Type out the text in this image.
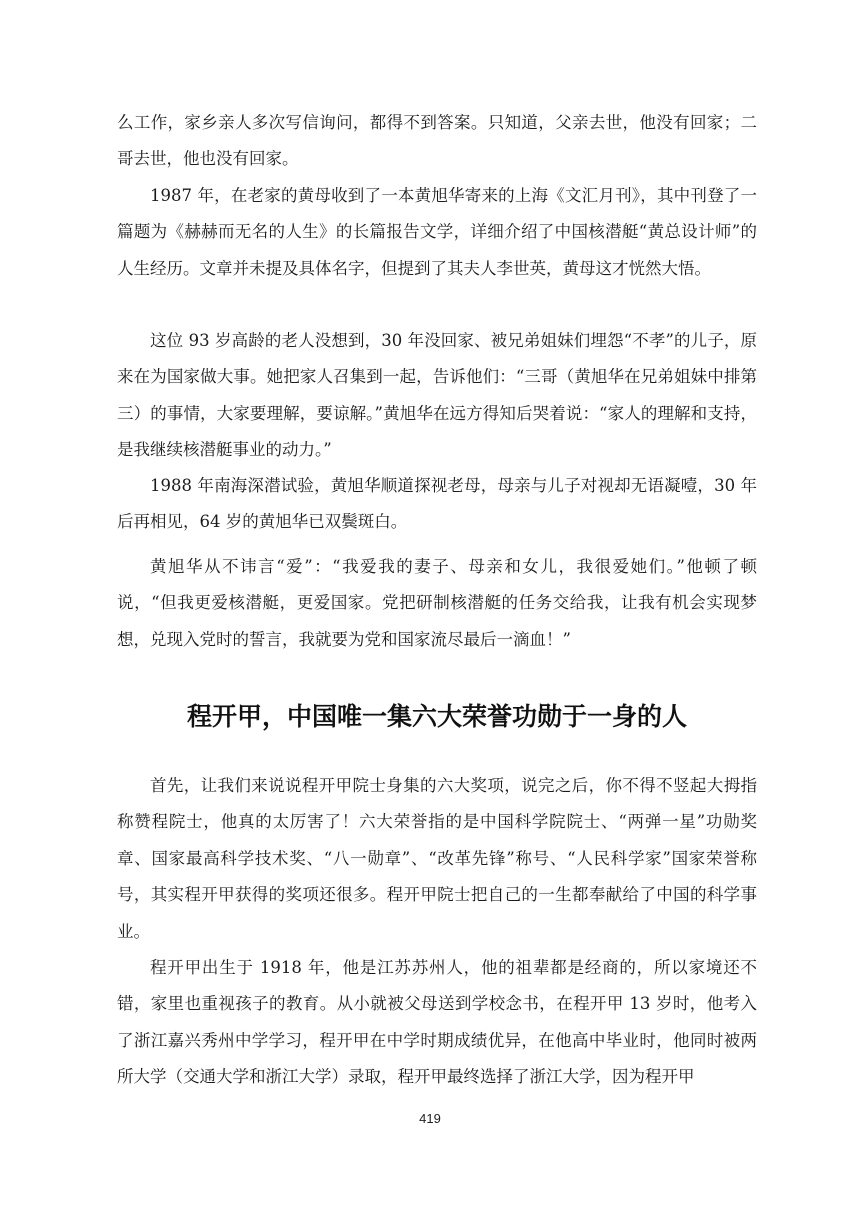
么工作，家乡亲人多次写信询问，都得不到答案。只知道，父亲去世，他没有回家；二哥去世，他也没有回家。

1987 年，在老家的黄母收到了一本黄旭华寄来的上海《文汇月刊》，其中刊登了一篇题为《赫赫而无名的人生》的长篇报告文学，详细介绍了中国核潜艇“黄总设计师”的人生经历。文章并未提及具体名字，但提到了其夫人李世英，黄母这才恍然大悟。

这位 93 岁高龄的老人没想到，30 年没回家、被兄弟姐妹们埋怨“不孝”的儿子，原来在为国家做大事。她把家人召集到一起，告诉他们：“三哥（黄旭华在兄弟姐妹中排第三）的事情，大家要理解，要谅解。”黄旭华在远方得知后哭着说：“家人的理解和支持，是我继续核潜艇事业的动力。”

1988 年南海深潜试验，黄旭华顺道探视老母，母亲与儿子对视却无语凝噎，30 年后再相见，64 岁的黄旭华已双鬓斑白。

黄旭华从不讳言“爱”：“我爱我的妻子、母亲和女儿，我很爱她们。”他顿了顿说，“但我更爱核潜艇，更爱国家。党把研制核潜艇的任务交给我，让我有机会实现梦想，兑现入党时的誓言，我就要为党和国家流尽最后一滴血！”

程开甲，中国唯一集六大荣誉功勋于一身的人

首先，让我们来说说程开甲院士身集的六大奖项，说完之后，你不得不竖起大拇指称赞程院士，他真的太厉害了！六大荣誉指的是中国科学院院士、“两弹一星”功勋奖章、国家最高科学技术奖、“八一勋章”、“改革先锋”称号、“人民科学家”国家荣誉称号，其实程开甲获得的奖项还很多。程开甲院士把自己的一生都奉献给了中国的科学事业。

程开甲出生于 1918 年，他是江苏苏州人，他的祖辈都是经商的，所以家境还不错，家里也重视孩子的教育。从小就被父母送到学校念书，在程开甲 13 岁时，他考入了浙江嘉兴秀州中学学习，程开甲在中学时期成绩优异，在他高中毕业时，他同时被两所大学（交通大学和浙江大学）录取，程开甲最终选择了浙江大学，因为程开甲

419
